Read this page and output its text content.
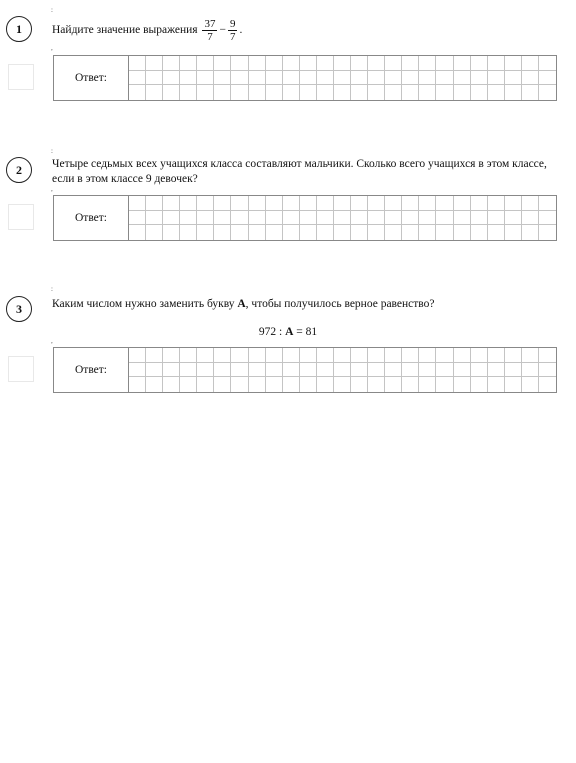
:
1	Найдите значение выражения $\frac{37}{7} - \frac{9}{7}$ .
,
Ответ:
:
2	Четыре седьмых всех учащихся класса составляют мальчики. Сколько всего учащихся в этом классе, если в этом классе 9 девочек?
,
Ответ:
:
3	Каким числом нужно заменить букву A, чтобы получилось верное равенство?
972 : A = 81
,
Ответ:
